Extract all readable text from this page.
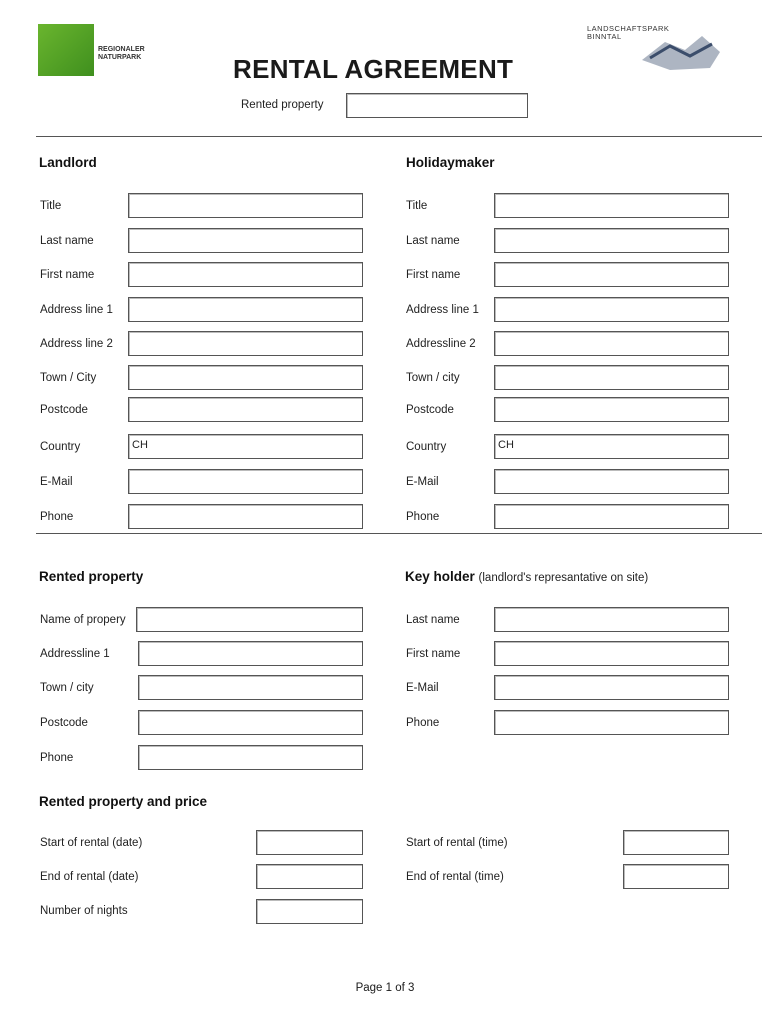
REGIONALER
NATURPARK
LANDSCHAFTSPARK
BINNTAL
RENTAL AGREEMENT
Rented property
Landlord	Holidaymaker
Title
Last name
First name
Address line 1
Address line 2
Town / City
Postcode
Country	CH
E-Mail
Phone
Title
Last name
First name
Address line 1
Addressline 2
Town / city
Postcode
Country	CH
E-Mail
Phone
Rented property	Key holder (landlord's represantative on site)
Name of propery
Addressline 1
Town / city
Postcode
Phone
Last name
First name
E-Mail
Phone
Rented property and price
Start of rental (date)	Start of rental (time)
End of rental (date)	End of rental (time)
Number of nights
Page 1 of 3
